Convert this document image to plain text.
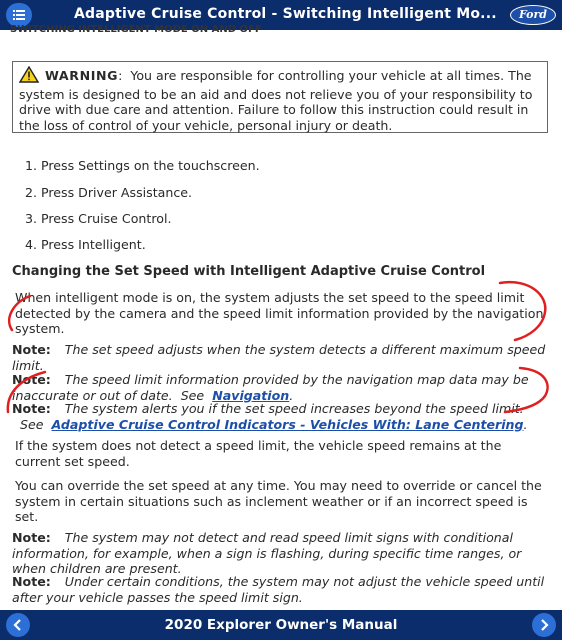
Adaptive Cruise Control - Switching Intelligent Mo...	Ford
SWITCHING INTELLIGENT MODE ON AND OFF
WARNING:  You are responsible for controlling your vehicle at all times. The system is designed to be an aid and does not relieve you of your responsibility to drive with due care and attention. Failure to follow this instruction could result in the loss of control of your vehicle, personal injury or death.
1. Press Settings on the touchscreen.
2. Press Driver Assistance.
3. Press Cruise Control.
4. Press Intelligent.
Changing the Set Speed with Intelligent Adaptive Cruise Control
When intelligent mode is on, the system adjusts the set speed to the speed limit detected by the camera and the speed limit information provided by the navigation system.
Note: The set speed adjusts when the system detects a different maximum speed limit.
Note: The speed limit information provided by the navigation map data may be inaccurate or out of date. See Navigation.
Note: The system alerts you if the set speed increases beyond the speed limit.
See Adaptive Cruise Control Indicators - Vehicles With: Lane Centering.
If the system does not detect a speed limit, the vehicle speed remains at the current set speed.
You can override the set speed at any time. You may need to override or cancel the system in certain situations such as inclement weather or if an incorrect speed is set.
Note: The system may not detect and read speed limit signs with conditional information, for example, when a sign is flashing, during specific time ranges, or when children are present.
Note: Under certain conditions, the system may not adjust the vehicle speed until after your vehicle passes the speed limit sign.
2020 Explorer Owner's Manual
